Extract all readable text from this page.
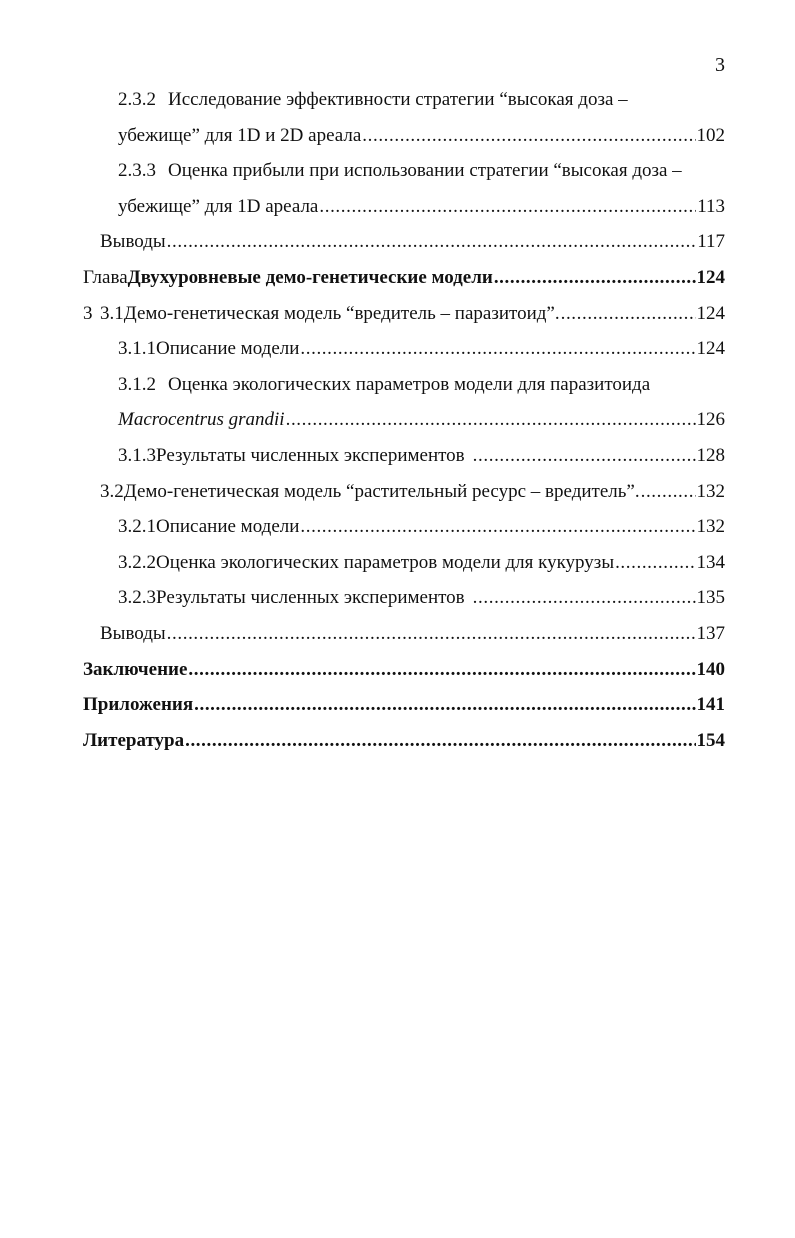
3
2.3.2 Исследование эффективности стратегии “высокая доза –
убежище” для 1D и 2D ареала .....	102
2.3.3 Оценка прибыли при использовании стратегии “высокая доза –
убежище” для 1D ареала .....	113
Выводы .....	117
Глава 3
Двухуровневые демо-генетические модели .....	124
3.1 Демо-генетическая модель “вредитель – паразитоид”. .....	124
3.1.1 Описание модели .....	124
3.1.2 Оценка экологических параметров модели для паразитоида
Macrocentrus grandii .....	126
3.1.3 Результаты численных экспериментов .....	128
3.2 Демо-генетическая модель “растительный ресурс – вредитель”. .....	132
3.2.1 Описание модели .....	132
3.2.2 Оценка экологических параметров модели для кукурузы .....	134
3.2.3 Результаты численных экспериментов .....	135
Выводы .....	137
Заключение .....	140
Приложения .....	141
Литература .....	154
